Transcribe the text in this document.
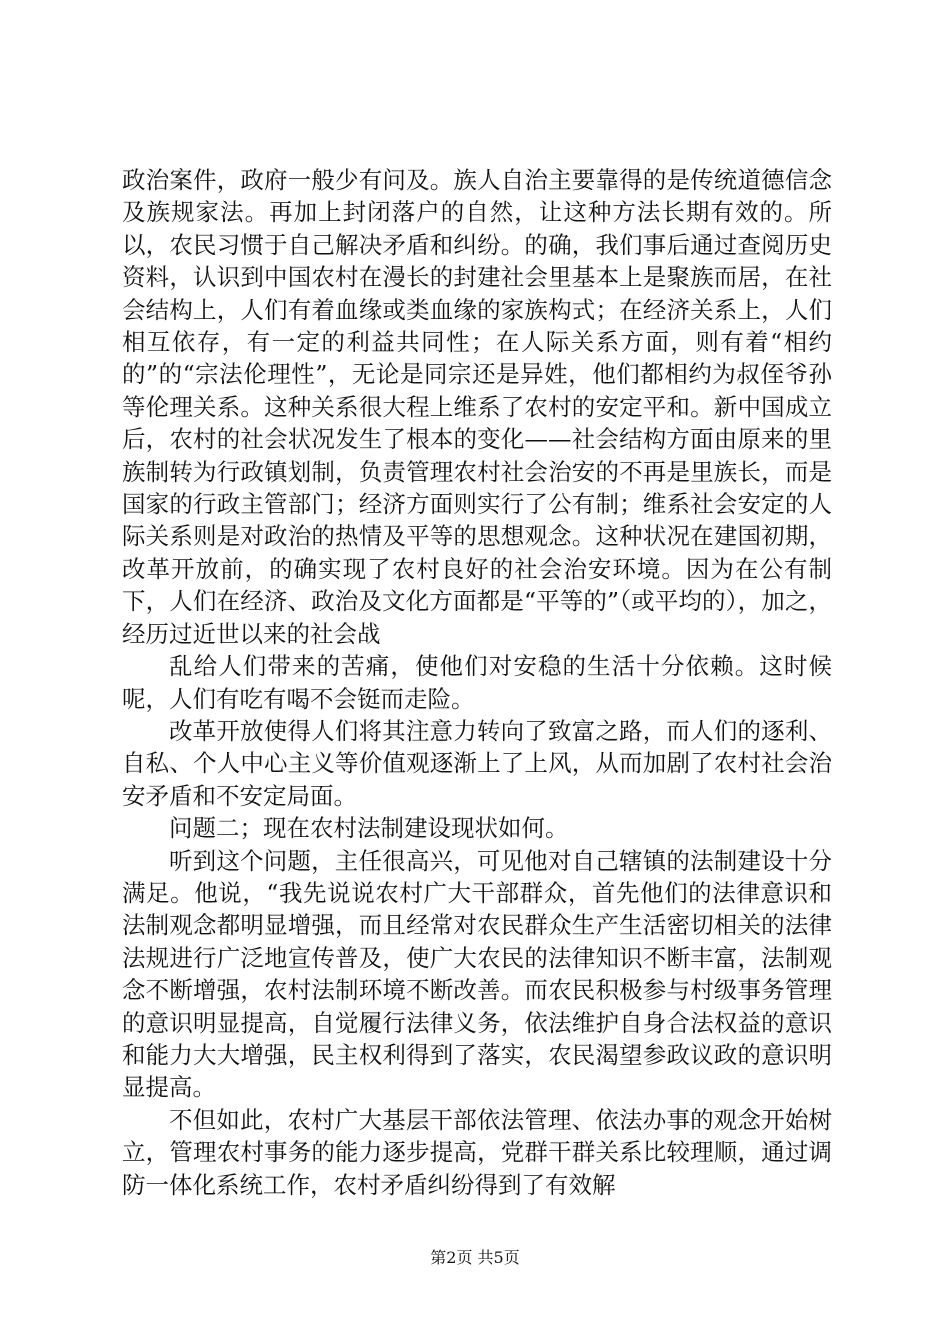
政治案件，政府一般少有问及。族人自治主要靠得的是传统道德信念及族规家法。再加上封闭落户的自然，让这种方法长期有效的。所以，农民习惯于自己解决矛盾和纠纷。的确，我们事后通过查阅历史资料，认识到中国农村在漫长的封建社会里基本上是聚族而居，在社会结构上，人们有着血缘或类血缘的家族构式；在经济关系上，人们相互依存，有一定的利益共同性；在人际关系方面，则有着“相约的”的“宗法伦理性”，无论是同宗还是异姓，他们都相约为叔侄爷孙等伦理关系。这种关系很大程上维系了农村的安定平和。新中国成立后，农村的社会状况发生了根本的变化——社会结构方面由原来的里族制转为行政镇划制，负责管理农村社会治安的不再是里族长，而是国家的行政主管部门；经济方面则实行了公有制；维系社会安定的人际关系则是对政治的热情及平等的思想观念。这种状况在建国初期，改革开放前，的确实现了农村良好的社会治安环境。因为在公有制下，人们在经济、政治及文化方面都是“平等的”（或平均的），加之，经历过近世以来的社会战

乱给人们带来的苦痛，使他们对安稳的生活十分依赖。这时候呢，人们有吃有喝不会铤而走险。

改革开放使得人们将其注意力转向了致富之路，而人们的逐利、自私、个人中心主义等价值观逐渐上了上风，从而加剧了农村社会治安矛盾和不安定局面。

问题二；现在农村法制建设现状如何。

听到这个问题，主任很高兴，可见他对自己辖镇的法制建设十分满足。他说，“我先说说农村广大干部群众，首先他们的法律意识和法制观念都明显增强，而且经常对农民群众生产生活密切相关的法律法规进行广泛地宣传普及，使广大农民的法律知识不断丰富，法制观念不断增强，农村法制环境不断改善。而农民积极参与村级事务管理的意识明显提高，自觉履行法律义务，依法维护自身合法权益的意识和能力大大增强，民主权利得到了落实，农民渴望参政议政的意识明显提高。

不但如此，农村广大基层干部依法管理、依法办事的观念开始树立，管理农村事务的能力逐步提高，党群干群关系比较理顺，通过调防一体化系统工作，农村矛盾纠纷得到了有效解

第2页 共5页
